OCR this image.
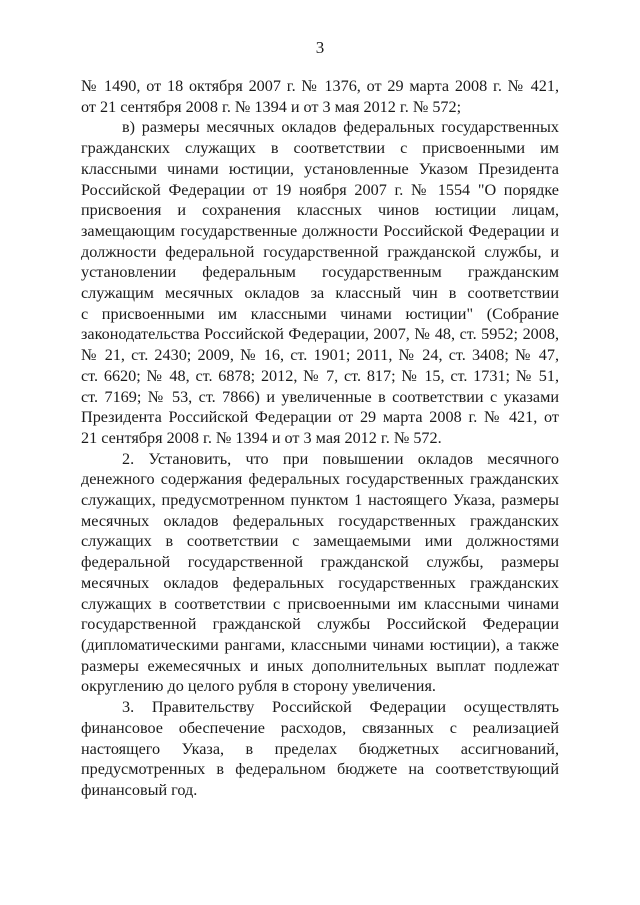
3
№ 1490, от 18 октября 2007 г. № 1376, от 29 марта 2008 г. № 421,
от 21 сентября 2008 г. № 1394 и от 3 мая 2012 г. № 572;
в) размеры месячных окладов федеральных государственных
гражданских служащих в соответствии с присвоенными им
классными чинами юстиции, установленные Указом Президента
Российской Федерации от 19 ноября 2007 г. № 1554 "О порядке
присвоения и сохранения классных чинов юстиции лицам,
замещающим государственные должности Российской Федерации и
должности федеральной государственной гражданской службы, и
установлении федеральным государственным гражданским
служащим месячных окладов за классный чин в соответствии
с присвоенными им классными чинами юстиции" (Собрание
законодательства Российской Федерации, 2007, № 48, ст. 5952; 2008,
№ 21, ст. 2430; 2009, № 16, ст. 1901; 2011, № 24, ст. 3408; № 47,
ст. 6620; № 48, ст. 6878; 2012, № 7, ст. 817; № 15, ст. 1731; № 51,
ст. 7169; № 53, ст. 7866) и увеличенные в соответствии с указами
Президента Российской Федерации от 29 марта 2008 г. № 421, от
21 сентября 2008 г. № 1394 и от 3 мая 2012 г. № 572.
2. Установить, что при повышении окладов месячного
денежного содержания федеральных государственных гражданских
служащих, предусмотренном пунктом 1 настоящего Указа, размеры
месячных окладов федеральных государственных гражданских
служащих в соответствии с замещаемыми ими должностями
федеральной государственной гражданской службы, размеры
месячных окладов федеральных государственных гражданских
служащих в соответствии с присвоенными им классными чинами
государственной гражданской службы Российской Федерации
(дипломатическими рангами, классными чинами юстиции), а также
размеры ежемесячных и иных дополнительных выплат подлежат
округлению до целого рубля в сторону увеличения.
3. Правительству Российской Федерации осуществлять
финансовое обеспечение расходов, связанных с реализацией
настоящего Указа, в пределах бюджетных ассигнований,
предусмотренных в федеральном бюджете на соответствующий
финансовый год.
